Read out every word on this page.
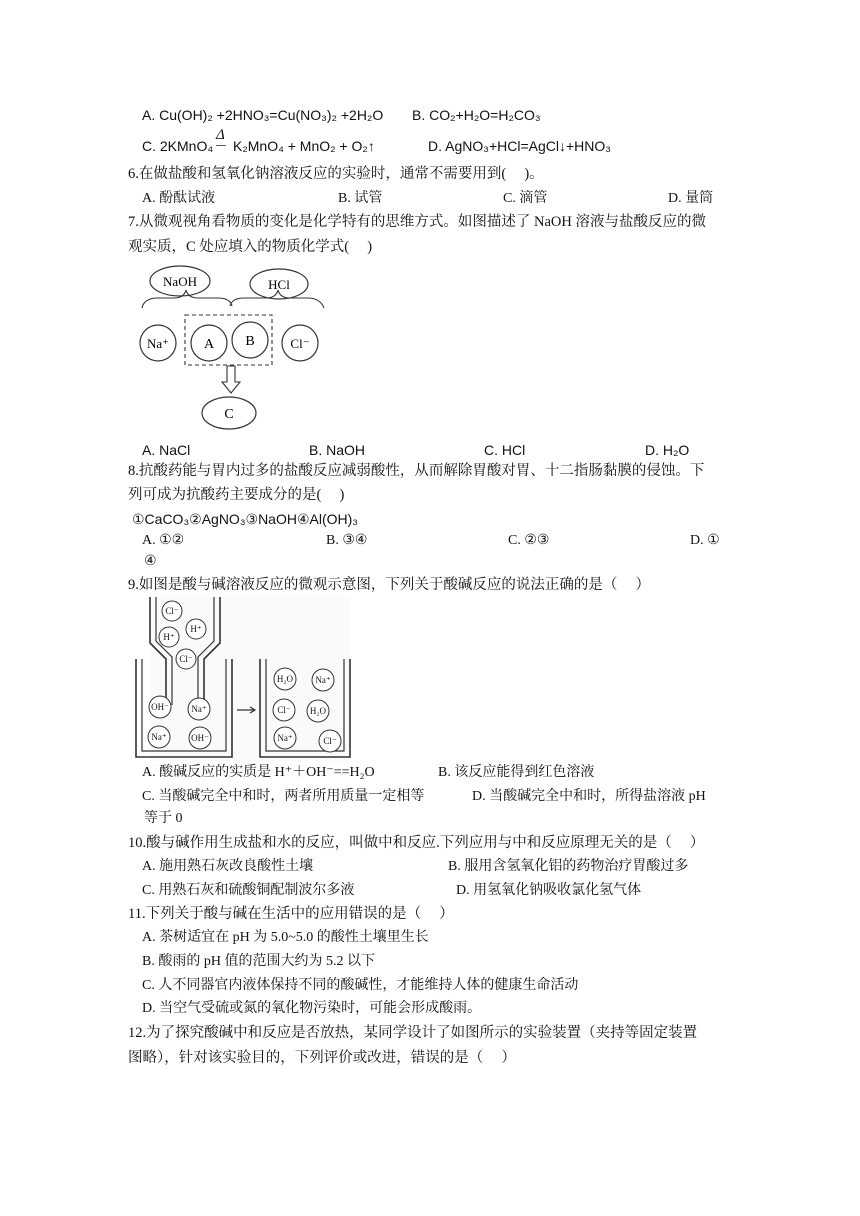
A. Cu(OH)₂ +2HNO₃=Cu(NO₃)₂ +2H₂O B. CO₂+H₂O=H₂CO₃
C. 2KMnO₄
Δ
K₂MnO₄ + MnO₂ + O₂↑	D. AgNO₃+HCl=AgCl↓+HNO₃
6.在做盐酸和氢氧化钠溶液反应的实验时，通常不需要用到(　 )。
A. 酚酞试液	B. 试管	C. 滴管	D. 量筒
7.从微观视角看物质的变化是化学特有的思维方式。如图描述了 NaOH 溶液与盐酸反应的微
观实质，C 处应填入的物质化学式(　 )
NaOH	HCl
Na⁺ A B	Cl⁻
C
A. NaCl	B. NaOH	C. HCl	D. H₂O
8.抗酸药能与胃内过多的盐酸反应减弱酸性，从而解除胃酸对胃、十二指肠黏膜的侵蚀。下
列可成为抗酸药主要成分的是(　 )
①CaCO₃②AgNO₃③NaOH④Al(OH)₃
A. ①②	B. ③④	C. ②③	D. ①
④
9.如图是酸与碱溶液反应的微观示意图，下列关于酸碱反应的说法正确的是（　 ）
Cl⁻
H⁺
H⁺
Cl⁻
OH⁻	Na⁺
Na⁺	OH⁻
H₂O Na⁺
Cl⁻ H₂O
Na⁺	Cl⁻
A. 酸碱反应的实质是 H⁺＋OH⁻==H₂O	B. 该反应能得到红色溶液
C. 当酸碱完全中和时，两者所用质量一定相等	D. 当酸碱完全中和时，所得盐溶液 pH
等于 0
10.酸与碱作用生成盐和水的反应，叫做中和反应.下列应用与中和反应原理无关的是（　 ）
A. 施用熟石灰改良酸性土壤	B. 服用含氢氧化铝的药物治疗胃酸过多
C. 用熟石灰和硫酸铜配制波尔多液	D. 用氢氧化钠吸收氯化氢气体
11.下列关于酸与碱在生活中的应用错误的是（　 ）
A. 茶树适宜在 pH 为 5.0~5.0 的酸性土壤里生长
B. 酸雨的 pH 值的范围大约为 5.2 以下
C. 人不同器官内液体保持不同的酸碱性，才能维持人体的健康生命活动
D. 当空气受硫或氮的氧化物污染时，可能会形成酸雨。
12.为了探究酸碱中和反应是否放热，某同学设计了如图所示的实验装置（夹持等固定装置
图略），针对该实验目的，下列评价或改进，错误的是（　 ）
